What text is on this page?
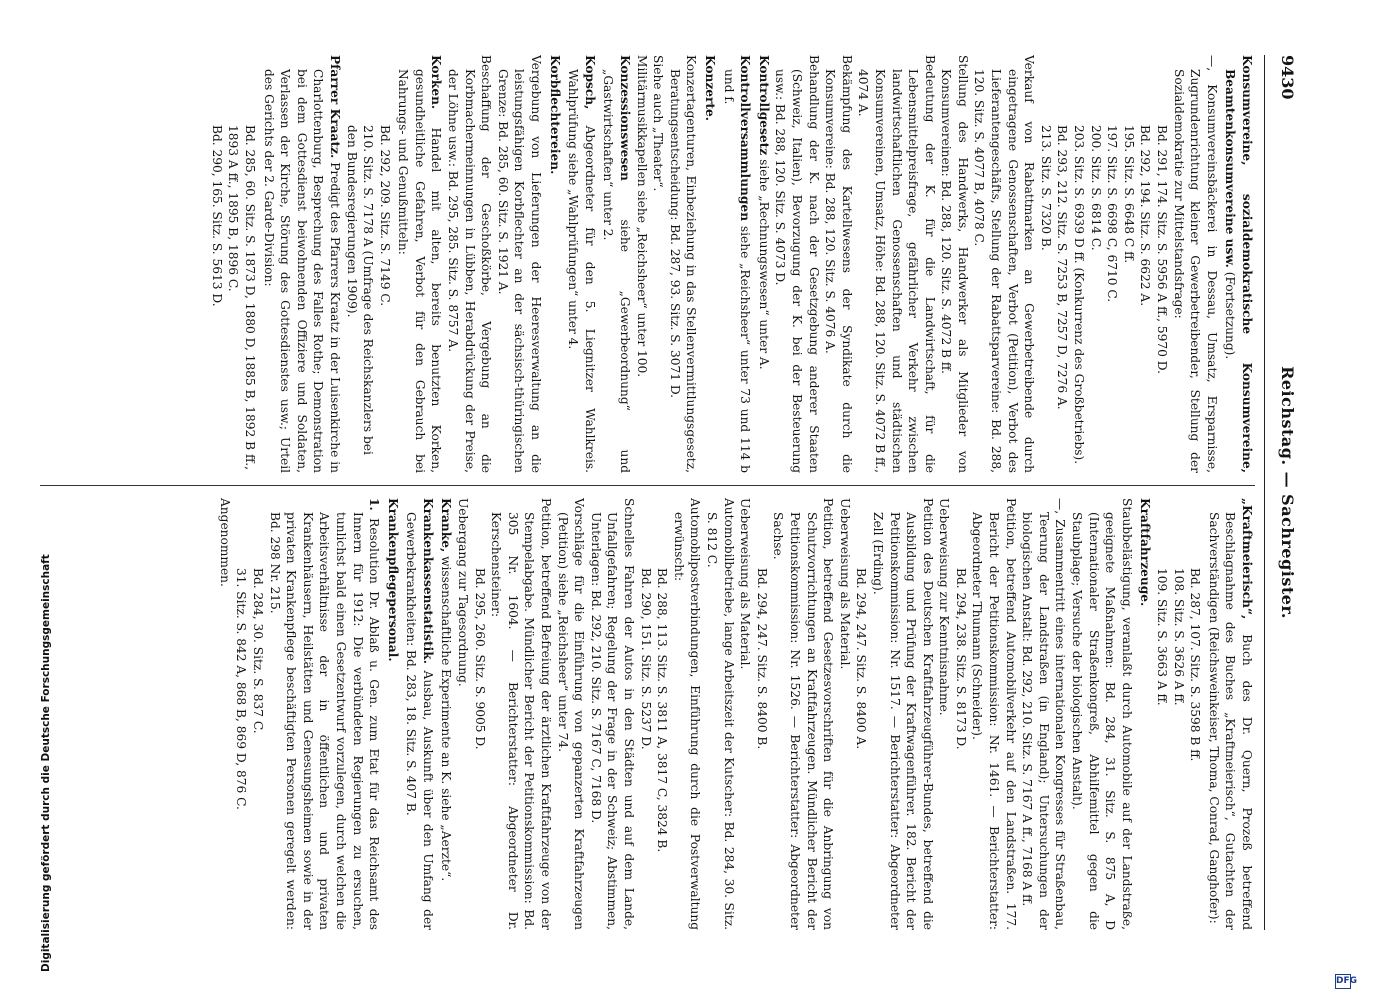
9430
Reichstag. — Sachregister.

Konsumvereine, sozialdemokratische Konsumvereine, Beamtenkonsumvereine usw. (Fortsetzung).

—, Konsumvereinsbäckerei in Dessau, Umsatz, Ersparnisse, Zugrundenrichtung kleiner Gewerbetreibender, Stellung der Sozialdemokratie zur Mittelstandsfrage:

Bd. 291, 174. Sitz. S. 5956 A ff., 5970 D.

Bd. 292, 194. Sitz. S. 6622 A.

195. Sitz. S. 6648 C ff.

197. Sitz. S. 6698 C, 6710 C.

200. Sitz. S. 6814 C.

203. Sitz. S. 6939 D ff. (Konkurrenz des Großbetriebs).

Bd. 293, 212. Sitz. S. 7253 B, 7257 D, 7276 A.

213. Sitz. S. 7320 B.

Verkauf von Rabattmarken an Gewerbetreibende durch eingetragene Genossenschaften, Verbot (Petition), Verbot des Lieferantengeschäfts, Stellung der Rabattsparvereine: Bd. 288, 120. Sitz. S. 4077 B, 4078 C.

Stellung des Handwerks, Handwerker als Mitglieder von Konsumvereinen: Bd. 288, 120. Sitz. S. 4072 B ff.

Bedeutung der K. für die Landwirtschaft, für die Lebensmittelpreisfrage, gefährlicher Verkehr zwischen landwirtschaftlichen Genossenschaften und städtischen Konsumvereinen, Umsatz, Höhe: Bd. 288, 120. Sitz. S. 4072 B ff., 4074 A.

Bekämpfung des Kartellwesens der Syndikate durch die Konsumvereine: Bd. 288, 120. Sitz. S. 4076 A.

Behandlung der K. nach der Gesetzgebung anderer Staaten (Schweiz, Italien), Bevorzugung der K. bei der Besteuerung usw.: Bd. 288, 120. Sitz. S. 4073 D.

Kontrollgesetz siehe „Rechnungswesen“ unter A.

Kontrollversammlungen siehe „Reichsheer“ unter 73 und 114 b und f.

Konzerte.

Konzertagenturen, Einbeziehung in das Stellenvermittlungsgesetz, Beratungsentscheidung: Bd. 287, 93. Sitz. S. 3071 D.

Siehe auch „Theater“.

Militärmusikkapellen siehe „Reichsheer“ unter 100.

Konzessionswesen siehe „Gewerbeordnung“ und „Gastwirtschaften“ unter 2.

Kopsch, Abgeordneter für den 5. Liegnitzer Wahlkreis. Wahlprüfung siehe „Wahlprüfungen“ unter 4.

Korbflechtereien.

Vergebung von Lieferungen der Heeresverwaltung an die leistungsfähigen Korbflechter an der sächsisch-thüringischen Grenze: Bd. 285, 60. Sitz. S. 1921 A.

Beschaffung der Geschoßkörbe, Vergebung an die Korbmachermeinnungen in Lübben, Herabdrückung der Preise, der Löhne usw.: Bd. 295, 285. Sitz. S. 8757 A.

Korken. Handel mit alten, bereits benutzten Korken, gesundheitliche Gefahren, Verbot für den Gebrauch bei Nahrungs- und Genußmitteln:

Bd. 292, 209. Sitz. S. 7149 C.

210. Sitz. S. 7178 A (Umfrage des Reichskanzlers bei den Bundesregierungen 1909).

Pfarrer Kraatz. Predigt des Pfarrers Kraatz in der Luisenkirche in Charlottenburg, Besprechung des Falles Rothe; Demonstration bei dem Gottesdienst beiwohnenden Offiziere und Soldaten, Verlassen der Kirche, Störung des Gottesdienstes usw.; Urteil des Gerichts der 2. Garde-Division:

Bd. 285, 60. Sitz. S. 1873 D, 1880 D, 1885 B, 1892 B ff., 1893 A ff., 1895 B, 1896 C.

Bd. 290, 165. Sitz. S. 5613 D.

„Kraftmeierisch“, Buch des Dr. Quern, Prozeß betreffend Beschlagnahme des Buches „Kraftmeierisch“, Gutachten der Sachverständigen (Reichsweinkeiser, Thoma, Conrad, Ganghofer):

Bd. 287, 107. Sitz. S. 3598 B ff.

108. Sitz. S. 3626 A ff.

109. Sitz. S. 3663 A ff.

Kraftfahrzeuge.

Staubbelästigung, veranlaßt durch Automobile auf der Landstraße, geeignete Maßnahmen: Bd. 284, 31. Sitz. S. 875 A, D (Internationaler Straßenkongreß, Abhilfemittel gegen die Staubplage; Versuche der biologischen Anstalt).

—, Zusammentritt eines internationalen Kongresses für Straßenbau, Teerung der Landstraßen (in England); Untersuchungen der biologischen Anstalt: Bd. 292, 210. Sitz. S. 7167 A ff., 7168 A ff.

Petition, betreffend Automobilverkehr auf den Landstraßen. 177. Bericht der Petitionskommission: Nr. 1461. — Berichterstatter: Abgeordneter Thumann (Schneider).

Bd. 294, 238. Sitz. S. 8173 D.

Ueberweisung zur Kenntnisnahme.

Petition des Deutschen Kraftfahrzeugführer-Bundes, betreffend die Ausbildung und Prüfung der Kraftwagenführer. 182. Bericht der Petitionskommission: Nr. 1517. — Berichterstatter: Abgeordneter Zell (Erding).

Bd. 294, 247. Sitz. S. 8400 A.

Ueberweisung als Material.

Petition, betreffend Gesetzesvorschriften für die Anbringung von Schutzvorrichtungen an Kraftfahrzeugen. Mündlicher Bericht der Petitionskommission: Nr. 1526. — Berichterstatter: Abgeordneter Sachse.

Bd. 294, 247. Sitz. S. 8400 B.

Ueberweisung als Material.

Automobilbetriebe, lange Arbeitszeit der Kutscher: Bd. 284, 30. Sitz. S. 812 C.

Automobilpostverbindungen, Einführung durch die Postverwaltung erwünscht:

Bd. 288, 113. Sitz. S. 3811 A, 3817 C, 3824 B.

Bd. 290, 151. Sitz. S. 5237 D.

Schnelles Fahren der Autos in den Städten und auf dem Lande, Unfallgefahren; Regelung der Frage in der Schweiz; Abstimmen, Unterlagen: Bd. 292, 210. Sitz. S. 7167 C, 7168 D.

Vorschläge für die Einführung von gepanzerten Kraftfahrzeugen (Petition) siehe „Reichsheer“ unter 74.

Petition, betreffend Befreiung der ärztlichen Kraftfahrzeuge von der Stempelabgabe. Mündlicher Bericht der Petitionskommission: Bd. 305 Nr. 1604. — Berichterstatter: Abgeordneter Dr. Kerschensteiner:

Bd. 295, 260. Sitz. S. 9005 D.

Uebergang zur Tagesordnung.

Kranke, wissenschaftliche Experimente an K. siehe „Aerzte“.

Krankenkassenstatistik. Ausbau, Auskunft über den Umfang der Gewerbekrankheiten: Bd. 283, 18. Sitz. S. 407 B.

Krankenpflegepersonal.

1. Resolution Dr. Ablaß u. Gen. zum Etat für das Reichsamt des Innern für 1912: Die verbündeten Regierungen zu ersuchen, tunlichst bald einen Gesetzentwurf vorzulegen, durch welchen die Arbeitsverhältnisse der in öffentlichen und privaten Krankenhäusern, Heilstätten und Genesungsheimen sowie in der privaten Krankenpflege beschäftigten Personen geregelt werden: Bd. 298 Nr. 215.

Bd. 284, 30. Sitz. S. 837 C.

31. Sitz. S. 842 A, 868 B, 869 D, 876 C.

Angenommen.

Digitalisierung gefördert durch die Deutsche Forschungsgemeinschaft
DFG
